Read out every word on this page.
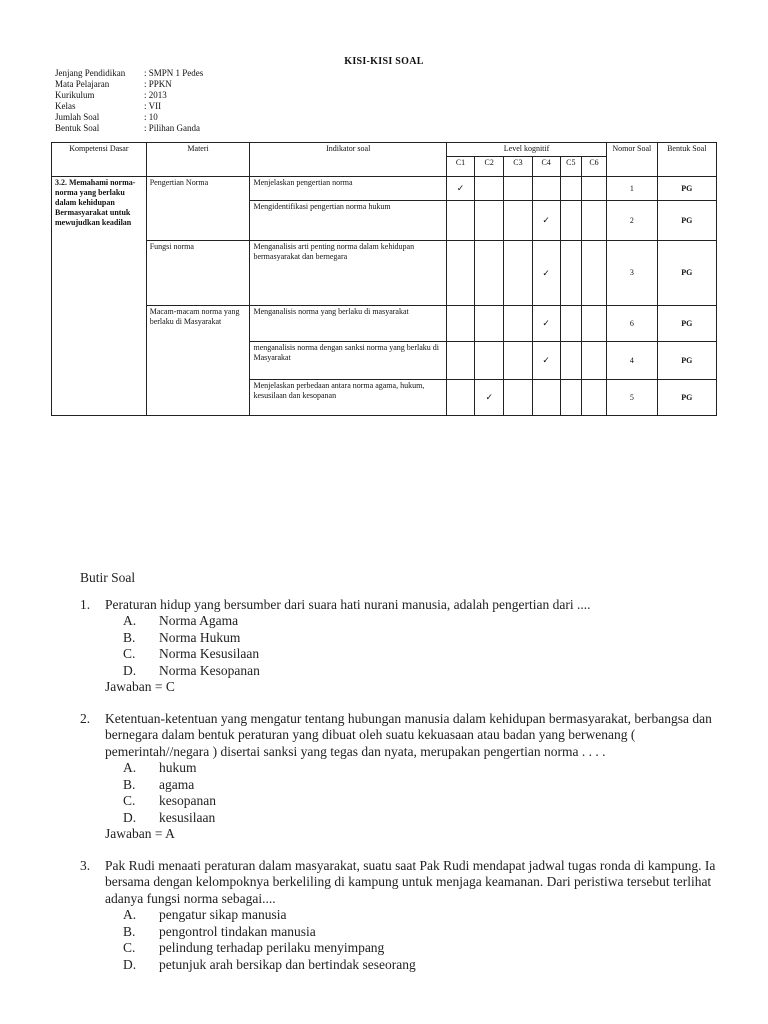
KISI-KISI SOAL
Jenjang Pendidikan	: SMPN 1 Pedes
Mata Pelajaran	: PPKN
Kurikulum	: 2013
Kelas	: VII
Jumlah Soal	: 10
Bentuk Soal	: Pilihan Ganda
Kompetensi Dasar	Materi	Indikator soal	Level kognitif						Nomor Soal	Bentuk Soal
			C1	C2	C3	C4	C5	C6		
3.2. Memahami norma-norma yang berlaku dalam kehidupan Bermasyarakat untuk mewujudkan keadilan	Pengertian Norma	Menjelaskan pengertian norma	✓						1	PG
		Mengidentifikasi pengertian norma hukum				✓			2	PG
	Fungsi norma	Menganalisis arti penting norma dalam kehidupan bermasyarakat dan bernegara				✓			3	PG
	Macam-macam norma yang berlaku di Masyarakat	Menganalisis norma yang berlaku di masyarakat				✓			6	PG
		menganalisis norma dengan sanksi norma yang berlaku di Masyarakat				✓			4	PG
		Menjelaskan perbedaan antara norma agama, hukum, kesusilaan dan kesopanan		✓					5	PG
Butir Soal
1.	Peraturan hidup yang bersumber dari suara hati nurani manusia, adalah pengertian dari ....
A.	Norma Agama
B.	Norma Hukum
C.	Norma Kesusilaan
D.	Norma Kesopanan
Jawaban = C
2.	Ketentuan-ketentuan yang mengatur tentang hubungan manusia dalam kehidupan bermasyarakat, berbangsa dan bernegara dalam bentuk peraturan yang dibuat oleh suatu kekuasaan atau badan yang berwenang ( pemerintah//negara ) disertai sanksi yang tegas dan nyata, merupakan pengertian norma . . . .
A.	hukum
B.	agama
C.	kesopanan
D.	kesusilaan
Jawaban = A
3.	Pak Rudi menaati peraturan dalam masyarakat, suatu saat Pak Rudi mendapat jadwal tugas ronda di kampung. Ia bersama dengan kelompoknya berkeliling di kampung untuk menjaga keamanan. Dari peristiwa tersebut terlihat adanya fungsi norma sebagai....
A.	pengatur sikap manusia
B.	pengontrol tindakan manusia
C.	pelindung terhadap perilaku menyimpang
D.	petunjuk arah bersikap dan bertindak seseorang
